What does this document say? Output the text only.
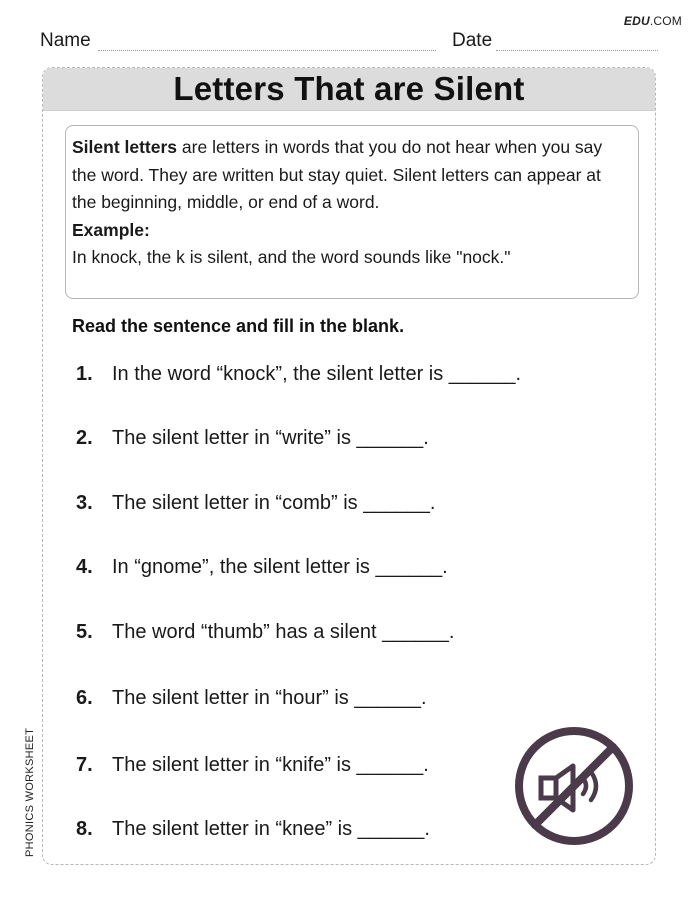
EDU.COM
Name	Date
Letters That are Silent

Silent letters are letters in words that you do not hear when you say the word. They are written but stay quiet. Silent letters can appear at the beginning, middle, or end of a word.

Example:

In knock, the k is silent, and the word sounds like "nock."

Read the sentence and fill in the blank.
1. In the word “knock”, the silent letter is ______.
2. The silent letter in “write” is ______.
3. The silent letter in “comb” is ______.
4. In “gnome”, the silent letter is ______.
5. The word “thumb” has a silent ______.
6. The silent letter in “hour” is ______.
7. The silent letter in “knife” is ______.
8. The silent letter in “knee” is ______.
PHONICS WORKSHEET
